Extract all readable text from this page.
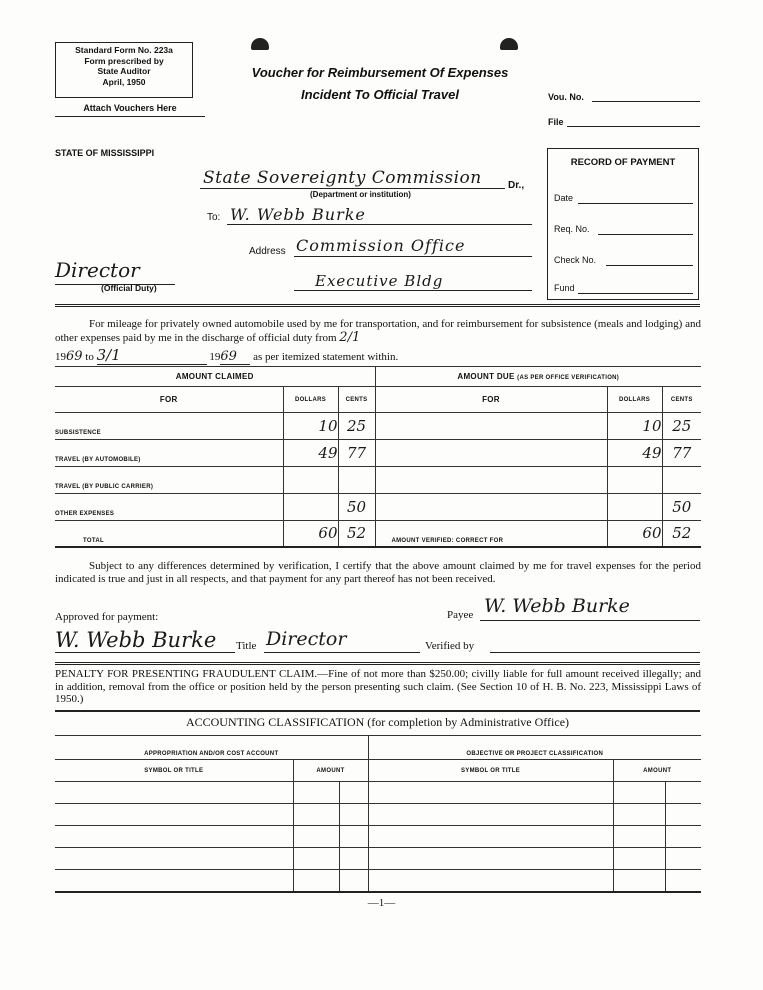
Standard Form No. 223a
Form prescribed by
State Auditor
April, 1950
Attach Vouchers Here
Voucher for Reimbursement Of Expenses
Incident To Official Travel	Vou. No.
File
STATE OF MISSISSIPPI
State Sovereignty Commission	Dr.,
(Department or institution)
To: W. Webb Burke
Address Commission Office
Executive Bldg
Director
(Official Duty)
RECORD OF PAYMENT
Date
Req. No.
Check No.
Fund
For mileage for privately owned automobile used by me for transportation, and for reimbursement for subsistence (meals and lodging) and other expenses paid by me in the discharge of official duty from 2/1
1969 to 3/1	1969 as per itemized statement within.
AMOUNT CLAIMED			AMOUNT DUE (AS PER OFFICE VERIFICATION)		
FOR	DOLLARS	CENTS	FOR	DOLLARS	CENTS
SUBSISTENCE	10	25		10	25
TRAVEL (BY AUTOMOBILE)	49	77		49	77
TRAVEL (BY PUBLIC CARRIER)					
OTHER EXPENSES		50			50
TOTAL	60	52	AMOUNT VERIFIED: CORRECT FOR	60	52
Subject to any differences determined by verification, I certify that the above amount claimed by me for travel expenses for the period indicated is true and just in all respects, and that payment for any part thereof has not been received.
Approved for payment:	Payee W. Webb Burke
W. Webb Burke Title Director	Verified by
PENALTY FOR PRESENTING FRAUDULENT CLAIM.—Fine of not more than $250.00; civilly liable for full amount received illegally; and in addition, removal from the office or position held by the person presenting such claim. (See Section 10 of H. B. No. 223, Mississippi Laws of 1950.)
ACCOUNTING CLASSIFICATION (for completion by Administrative Office)
APPROPRIATION AND/OR COST ACCOUNT			OBJECTIVE OR PROJECT CLASSIFICATION		
SYMBOL OR TITLE	AMOUNT		SYMBOL OR TITLE	AMOUNT	

—1—
